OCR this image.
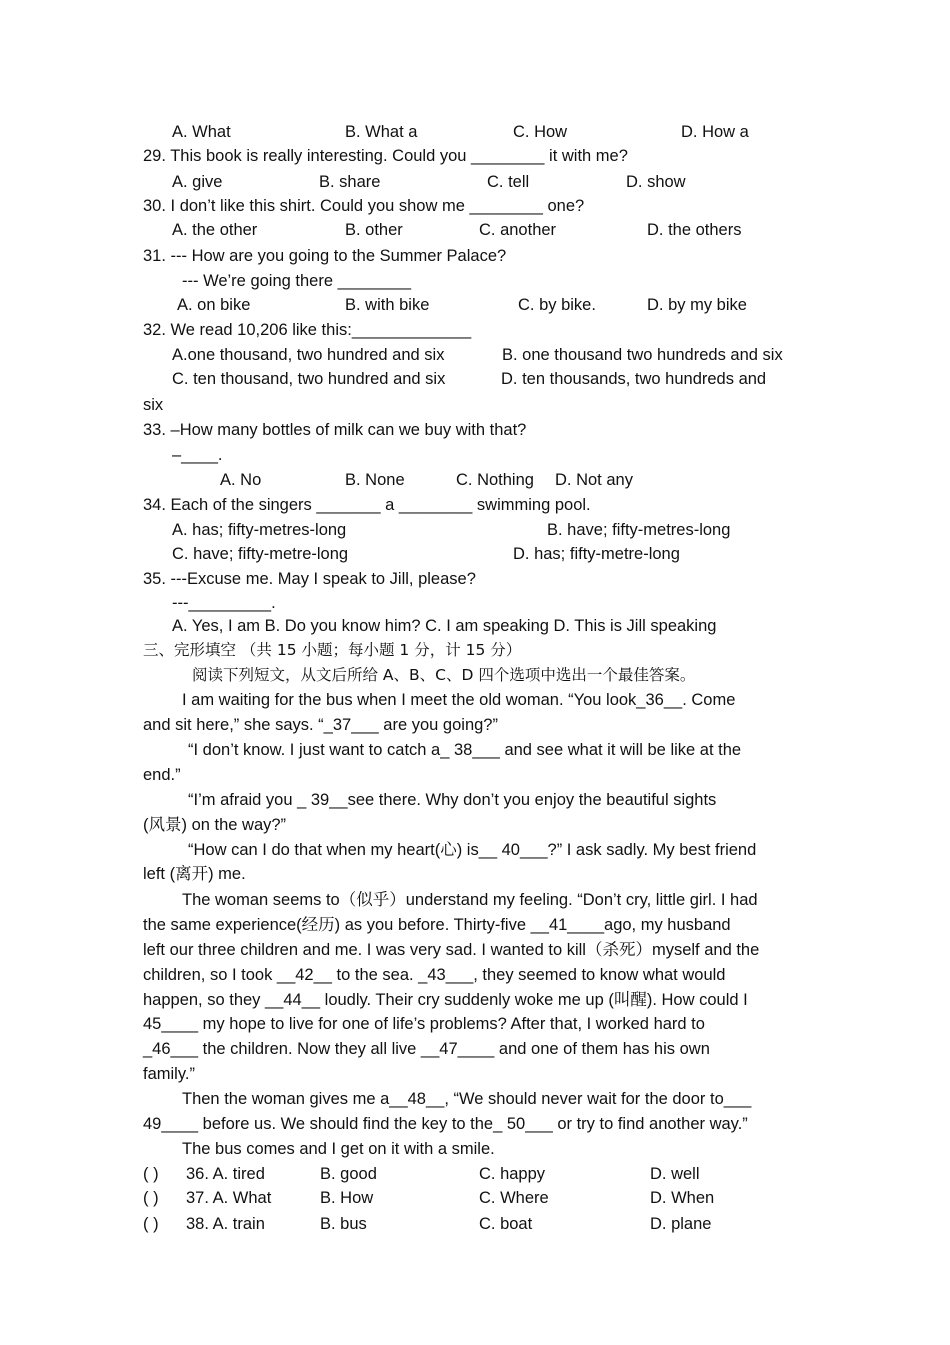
A. What	B. What a	C. How	D. How a
29. This book is really interesting. Could you ________ it with me?
A. give	B. share	C. tell	D. show
30. I don’t like this shirt. Could you show me ________ one?
A. the other	B. other	C. another	D. the others
31. --- How are you going to the Summer Palace?
--- We’re going there ________
A. on bike	B. with bike	C. by bike.	D. by my bike
32. We read 10,206 like this:_____________
A.one thousand, two hundred and six	B. one thousand two hundreds and six
C. ten thousand, two hundred and six	D. ten thousands, two hundreds and
six
33. –How many bottles of milk can we buy with that?
–____.
A. No	B. None	C. Nothing D. Not any
34. Each of the singers _______ a ________ swimming pool.
A. has; fifty-metres-long	B. have; fifty-metres-long
C. have; fifty-metre-long	D. has; fifty-metre-long
35. ---Excuse me. May I speak to Jill, please?
---_________.
A. Yes, I am B. Do you know him? C. I am speaking D. This is Jill speaking
三、完形填空 （共 15 小题；每小题 1 分，计 15 分）
阅读下列短文，从文后所给 A、B、C、D 四个选项中选出一个最佳答案。
I am waiting for the bus when I meet the old woman. “You look_36__. Come
and sit here,” she says. “_37___ are you going?”
“I don’t know. I just want to catch a_ 38___ and see what it will be like at the
end.”
“I’m afraid you _ 39__see there. Why don’t you enjoy the beautiful sights
(风景) on the way?”
“How can I do that when my heart(心) is__ 40___?” I ask sadly. My best friend
left (离开) me.
The woman seems to（似乎）understand my feeling. “Don’t cry, little girl. I had
the same experience(经历) as you before. Thirty-five __41____ago, my husband
left our three children and me. I was very sad. I wanted to kill（杀死）myself and the
children, so I took __42__ to the sea. _43___, they seemed to know what would
happen, so they __44__ loudly. Their cry suddenly woke me up (叫醒). How could I
45____ my hope to live for one of life’s problems? After that, I worked hard to
_46___ the children. Now they all live __47____ and one of them has his own
family.”
Then the woman gives me a__48__, “We should never wait for the door to___
49____ before us. We should find the key to the_ 50___ or try to find another way.”
The bus comes and I get on it with a smile.
( ) 36. A. tired	B. good	C. happy	D. well
( ) 37. A. What	B. How	C. Where	D. When
( ) 38. A. train	B. bus	C. boat	D. plane
